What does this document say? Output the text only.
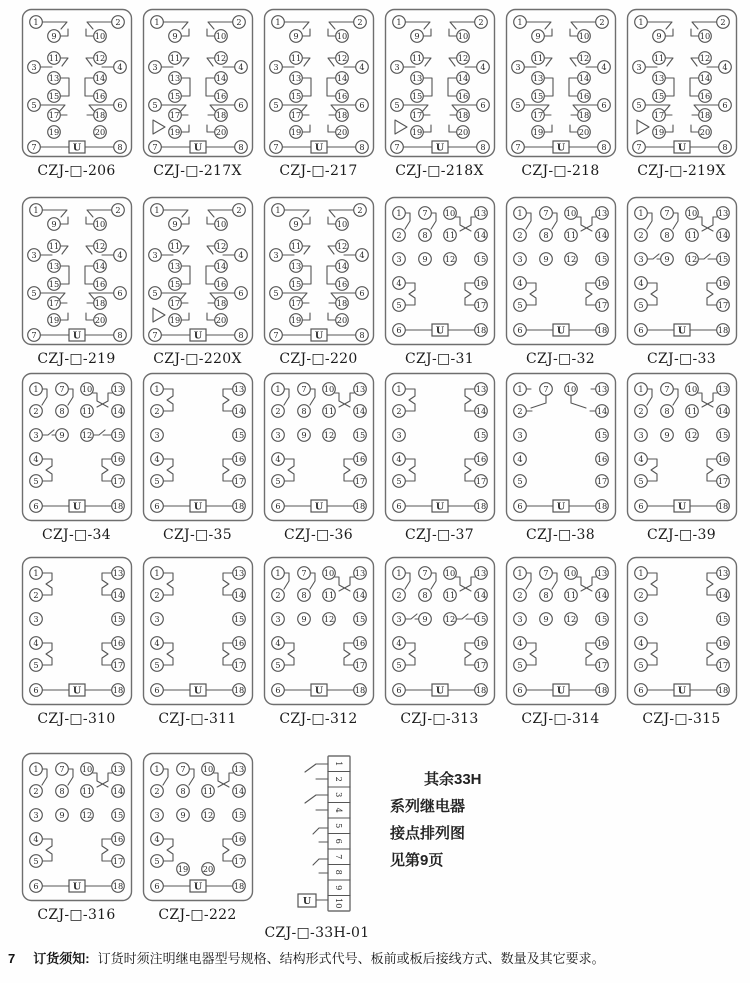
1	2
9	10
11	12
3	4
13	14
15	16
5	6
17	18
19	20
7	8
U
CZJ-□-206
1	2
9	10
11	12
3	4
13	14
15	16
5	6
17	18
19	20
7	8
U
CZJ-□-217X
1	2
9	10
11	12
3	4
13	14
15	16
5	6
17	18
19	20
7	8
U
CZJ-□-217
1	2
9	10
11	12
3	4
13	14
15	16
5	6
17	18
19	20
7	8
U
CZJ-□-218X
1	2
9	10
11	12
3	4
13	14
15	16
5	6
17	18
19	20
7	8
U
CZJ-□-218
1	2
9	10
11	12
3	4
13	14
15	16
5	6
17	18
19	20
7	8
U
CZJ-□-219X
1	2
9	10
11	12
3	4
13	14
15	16
5	6
17	18
19	20
7	8
U
CZJ-□-219
1	2
9	10
11	12
3	4
13	14
15	16
5	6
17	18
19	20
7	8
U
CZJ-□-220X
1	2
9	10
11	12
3	4
13	14
15	16
5	6
17	18
19	20
7	8
U
CZJ-□-220
1	7 10	13
2	8 11	14
3	9 12	15
4	16
5	17
6	18
U
CZJ-□-31
1	7 10	13
2	8 11	14
3	9 12	15
4	16
5	17
6	18
U
CZJ-□-32
1	7 10	13
2	8 11	14
3	9 12	15
4	16
5	17
6	18
U
CZJ-□-33
1	7 10	13
2	8 11	14
3	9 12	15
4	16
5	17
6	18
U
CZJ-□-34
1	13
2	14
3	15
4	16
5	17
6	18
U
CZJ-□-35
1	7 10	13
2	8 11	14
3	9 12	15
4	16
5	17
6	18
U
CZJ-□-36
1	13
2	14
3	15
4	16
5	17
6	18
U
CZJ-□-37
1	7 10	13
2	14
3	15
4	16
5	17
6	18
U
CZJ-□-38
1	7 10	13
2	8 11	14
3	9 12	15
4	16
5	17
6	18
U
CZJ-□-39
1	13
2	14
3	15
4	16
5	17
6	18
U
CZJ-□-310
1	13
2	14
3	15
4	16
5	17
6	18
U
CZJ-□-311
1	7 10	13
2	8 11	14
3	9 12	15
4	16
5	17
6	18
U
CZJ-□-312
1	7 10	13
2	8 11	14
3	9 12	15
4	16
5	17
6	18
U
CZJ-□-313
1	7 10	13
2	8 11	14
3	9 12	15
4	16
5	17
6	18
U
CZJ-□-314
1	13
2	14
3	15
4	16
5	17
6	18
U
CZJ-□-315
1	7 10	13
2	8 11	14
3	9 12	15
4	16
5	17
6	18
U
CZJ-□-316
1	7 10	13
2	8 11	14
3	9 12	15
4	16
5	17
6	18
19 20
U
CZJ-□-222
1
2
3
4
5
6
7
8
9
10
U
CZJ-□-33H-01
其余33H
系列继电器
接点排列图
见第9页
7 订货须知: 订货时须注明继电器型号规格、结构形式代号、板前或板后接线方式、数量及其它要求。
